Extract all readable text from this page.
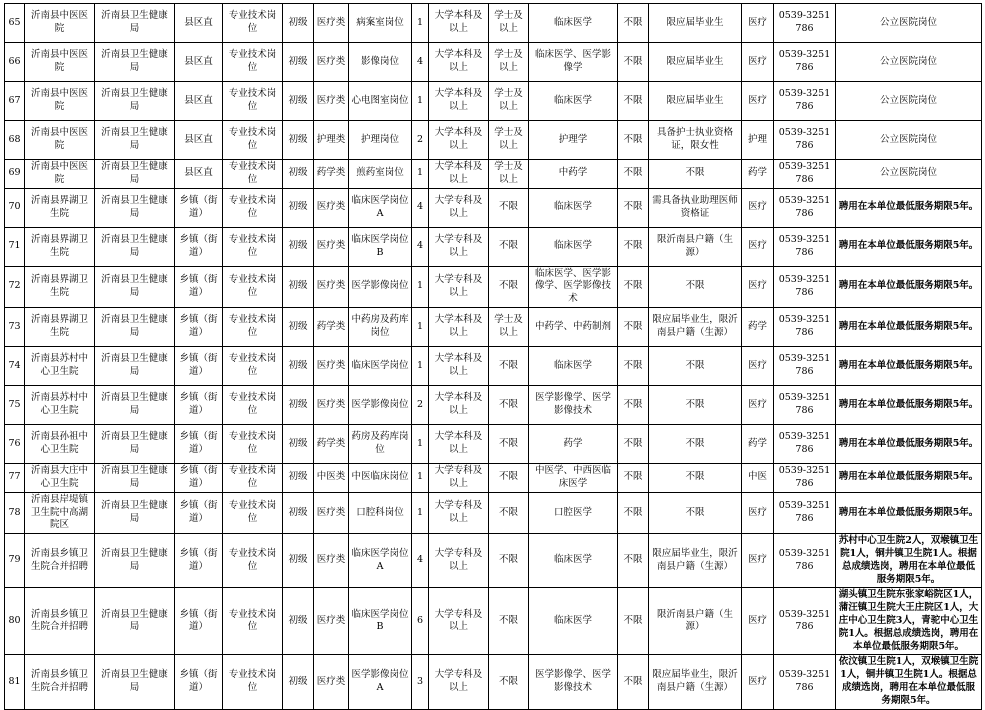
65	沂南县中医医院	沂南县卫生健康局	县区直	专业技术岗位	初级	医疗类	病案室岗位	1	大学本科及以上	学士及以上	临床医学	不限	限应届毕业生	医疗	0539-3251786	公立医院岗位
66	沂南县中医医院	沂南县卫生健康局	县区直	专业技术岗位	初级	医疗类	影像岗位	4	大学本科及以上	学士及以上	临床医学、医学影像学	不限	限应届毕业生	医疗	0539-3251786	公立医院岗位
67	沂南县中医医院	沂南县卫生健康局	县区直	专业技术岗位	初级	医疗类	心电图室岗位	1	大学本科及以上	学士及以上	临床医学	不限	限应届毕业生	医疗	0539-3251786	公立医院岗位
68	沂南县中医医院	沂南县卫生健康局	县区直	专业技术岗位	初级	护理类	护理岗位	2	大学本科及以上	学士及以上	护理学	不限	具备护士执业资格证，限女性	护理	0539-3251786	公立医院岗位
69	沂南县中医医院	沂南县卫生健康局	县区直	专业技术岗位	初级	药学类	煎药室岗位	1	大学本科及以上	学士及以上	中药学	不限	不限	药学	0539-3251786	公立医院岗位
70	沂南县界湖卫生院	沂南县卫生健康局	乡镇（街道）	专业技术岗位	初级	医疗类	临床医学岗位A	4	大学专科及以上	不限	临床医学	不限	需具备执业助理医师资格证	医疗	0539-3251786	聘用在本单位最低服务期限5年。
71	沂南县界湖卫生院	沂南县卫生健康局	乡镇（街道）	专业技术岗位	初级	医疗类	临床医学岗位B	4	大学专科及以上	不限	临床医学	不限	限沂南县户籍（生源）	医疗	0539-3251786	聘用在本单位最低服务期限5年。
72	沂南县界湖卫生院	沂南县卫生健康局	乡镇（街道）	专业技术岗位	初级	医疗类	医学影像岗位	1	大学专科及以上	不限	临床医学、医学影像学、医学影像技术	不限	不限	医疗	0539-3251786	聘用在本单位最低服务期限5年。
73	沂南县界湖卫生院	沂南县卫生健康局	乡镇（街道）	专业技术岗位	初级	药学类	中药房及药库岗位	1	大学本科及以上	学士及以上	中药学、中药制剂	不限	限应届毕业生，限沂南县户籍（生源）	药学	0539-3251786	聘用在本单位最低服务期限5年。
74	沂南县苏村中心卫生院	沂南县卫生健康局	乡镇（街道）	专业技术岗位	初级	医疗类	临床医学岗位	1	大学本科及以上	不限	临床医学	不限	不限	医疗	0539-3251786	聘用在本单位最低服务期限5年。
75	沂南县苏村中心卫生院	沂南县卫生健康局	乡镇（街道）	专业技术岗位	初级	医疗类	医学影像岗位	2	大学本科及以上	不限	医学影像学、医学影像技术	不限	不限	医疗	0539-3251786	聘用在本单位最低服务期限5年。
76	沂南县孙祖中心卫生院	沂南县卫生健康局	乡镇（街道）	专业技术岗位	初级	药学类	药房及药库岗位	1	大学本科及以上	不限	药学	不限	不限	药学	0539-3251786	聘用在本单位最低服务期限5年。
77	沂南县大庄中心卫生院	沂南县卫生健康局	乡镇（街道）	专业技术岗位	初级	中医类	中医临床岗位	1	大学专科及以上	不限	中医学、中西医临床医学	不限	不限	中医	0539-3251786	聘用在本单位最低服务期限5年。
78	沂南县岸堤镇卫生院中高湖院区	沂南县卫生健康局	乡镇（街道）	专业技术岗位	初级	医疗类	口腔科岗位	1	大学专科及以上	不限	口腔医学	不限	不限	医疗	0539-3251786	聘用在本单位最低服务期限5年。
79	沂南县乡镇卫生院合并招聘	沂南县卫生健康局	乡镇（街道）	专业技术岗位	初级	医疗类	临床医学岗位A	4	大学专科及以上	不限	临床医学	不限	限应届毕业生，限沂南县户籍（生源）	医疗	0539-3251786	苏村中心卫生院2人，双堠镇卫生院1人，铜井镇卫生院1人。根据总成绩选岗，聘用在本单位最低服务期限5年。
80	沂南县乡镇卫生院合并招聘	沂南县卫生健康局	乡镇（街道）	专业技术岗位	初级	医疗类	临床医学岗位B	6	大学专科及以上	不限	临床医学	不限	限沂南县户籍（生源）	医疗	0539-3251786	湖头镇卫生院东张家峪院区1人，蒲汪镇卫生院大王庄院区1人，大庄中心卫生院3人，青驼中心卫生院1人。根据总成绩选岗，聘用在本单位最低服务期限5年。
81	沂南县乡镇卫生院合并招聘	沂南县卫生健康局	乡镇（街道）	专业技术岗位	初级	医疗类	医学影像岗位A	3	大学专科及以上	不限	医学影像学、医学影像技术	不限	限应届毕业生，限沂南县户籍（生源）	医疗	0539-3251786	依汶镇卫生院1人，双堠镇卫生院1人，铜井镇卫生院1人。根据总成绩选岗，聘用在本单位最低服务期限5年。
